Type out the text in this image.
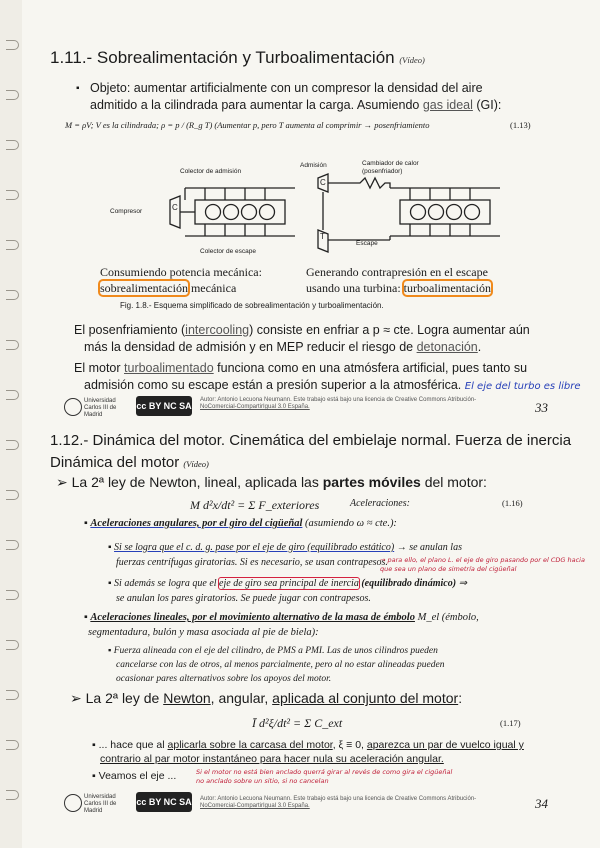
1.11.- Sobrealimentación y Turboalimentación (Vídeo)
Objeto: aumentar artificialmente con un compresor la densidad del aire
admitido a la cilindrada para aumentar la carga. Asumiendo gas ideal (GI):
M = ρV; V es la cilindrada; ρ = p / (R_g T) (Aumentar p, pero T aumenta al comprimir → posenfriamiento	(1.13)
Colector de admisión
Compresor
Colector de escape
Admisión	Cambiador de calor
(posenfriador)
Escape
C
C
T
Consumiendo potencia mecánica:
sobrealimentación mecánica
Generando contrapresión en el escape
usando una turbina: turboalimentación
Fig. 1.8.- Esquema simplificado de sobrealimentación y turboalimentación.
El posenfriamiento (intercooling) consiste en enfriar a p ≈ cte. Logra aumentar aún
más la densidad de admisión y en MEP reducir el riesgo de detonación.
El motor turboalimentado funciona como en una atmósfera artificial, pues tanto su
admisión como su escape están a presión superior a la atmosférica. El eje del turbo es libre
Universidad Carlos III de Madrid
cc BY NC SA
Autor: Antonio Lecuona Neumann. Este trabajo está bajo una licencia de Creative Commons Atribución-
NoComercial-CompartirIgual 3.0 España.	33
1.12.- Dinámica del motor. Cinemática del embielaje normal. Fuerza de inercia
Dinámica del motor (Vídeo)
➢ La 2ª ley de Newton, lineal, aplicada las partes móviles del motor:
M d²x/dt² = Σ F_exteriores	Aceleraciones:	(1.16)
▪ Aceleraciones angulares, por el giro del cigüeñal (asumiendo ω ≈ cte.):
▪ Si se logra que el c. d. g. pase por el eje de giro (equilibrado estático) → se anulan las
fuerzas centrífugas giratorias. Si es necesario, se usan contrapesos.
→ para ello, el plano L. el eje de giro pasando por el CDG hacia que sea un plano de simetría del cigüeñal
▪ Si además se logra que el eje de giro sea principal de inercia (equilibrado dinámico) ⇒
se anulan los pares giratorios. Se puede jugar con contrapesos.
▪ Aceleraciones lineales, por el movimiento alternativo de la masa de émbolo M_el (émbolo,
segmentadura, bulón y masa asociada al pie de biela):
▪ Fuerza alineada con el eje del cilindro, de PMS a PMI. Las de unos cilindros pueden
cancelarse con las de otros, al menos parcialmente, pero al no estar alineadas pueden
ocasionar pares alternativos sobre los apoyos del motor.
➢ La 2ª ley de Newton, angular, aplicada al conjunto del motor:
Ī d²ξ/dt² = Σ C_ext	(1.17)
▪ ... hace que al aplicarla sobre la carcasa del motor, ξ ≡ 0, aparezca un par de vuelco igual y
contrario al par motor instantáneo para hacer nula su aceleración angular.
▪ Veamos el eje ...	Si el motor no está bien anclado querrá girar al revés de como gira el cigüeñal
no anclado sobre un sitio, si no cancelan
Universidad Carlos III de Madrid
cc BY NC SA Autor: Antonio Lecuona Neumann. Este trabajo está bajo una licencia de Creative Commons Atribución-
NoComercial-CompartirIgual 3.0 España.	34
